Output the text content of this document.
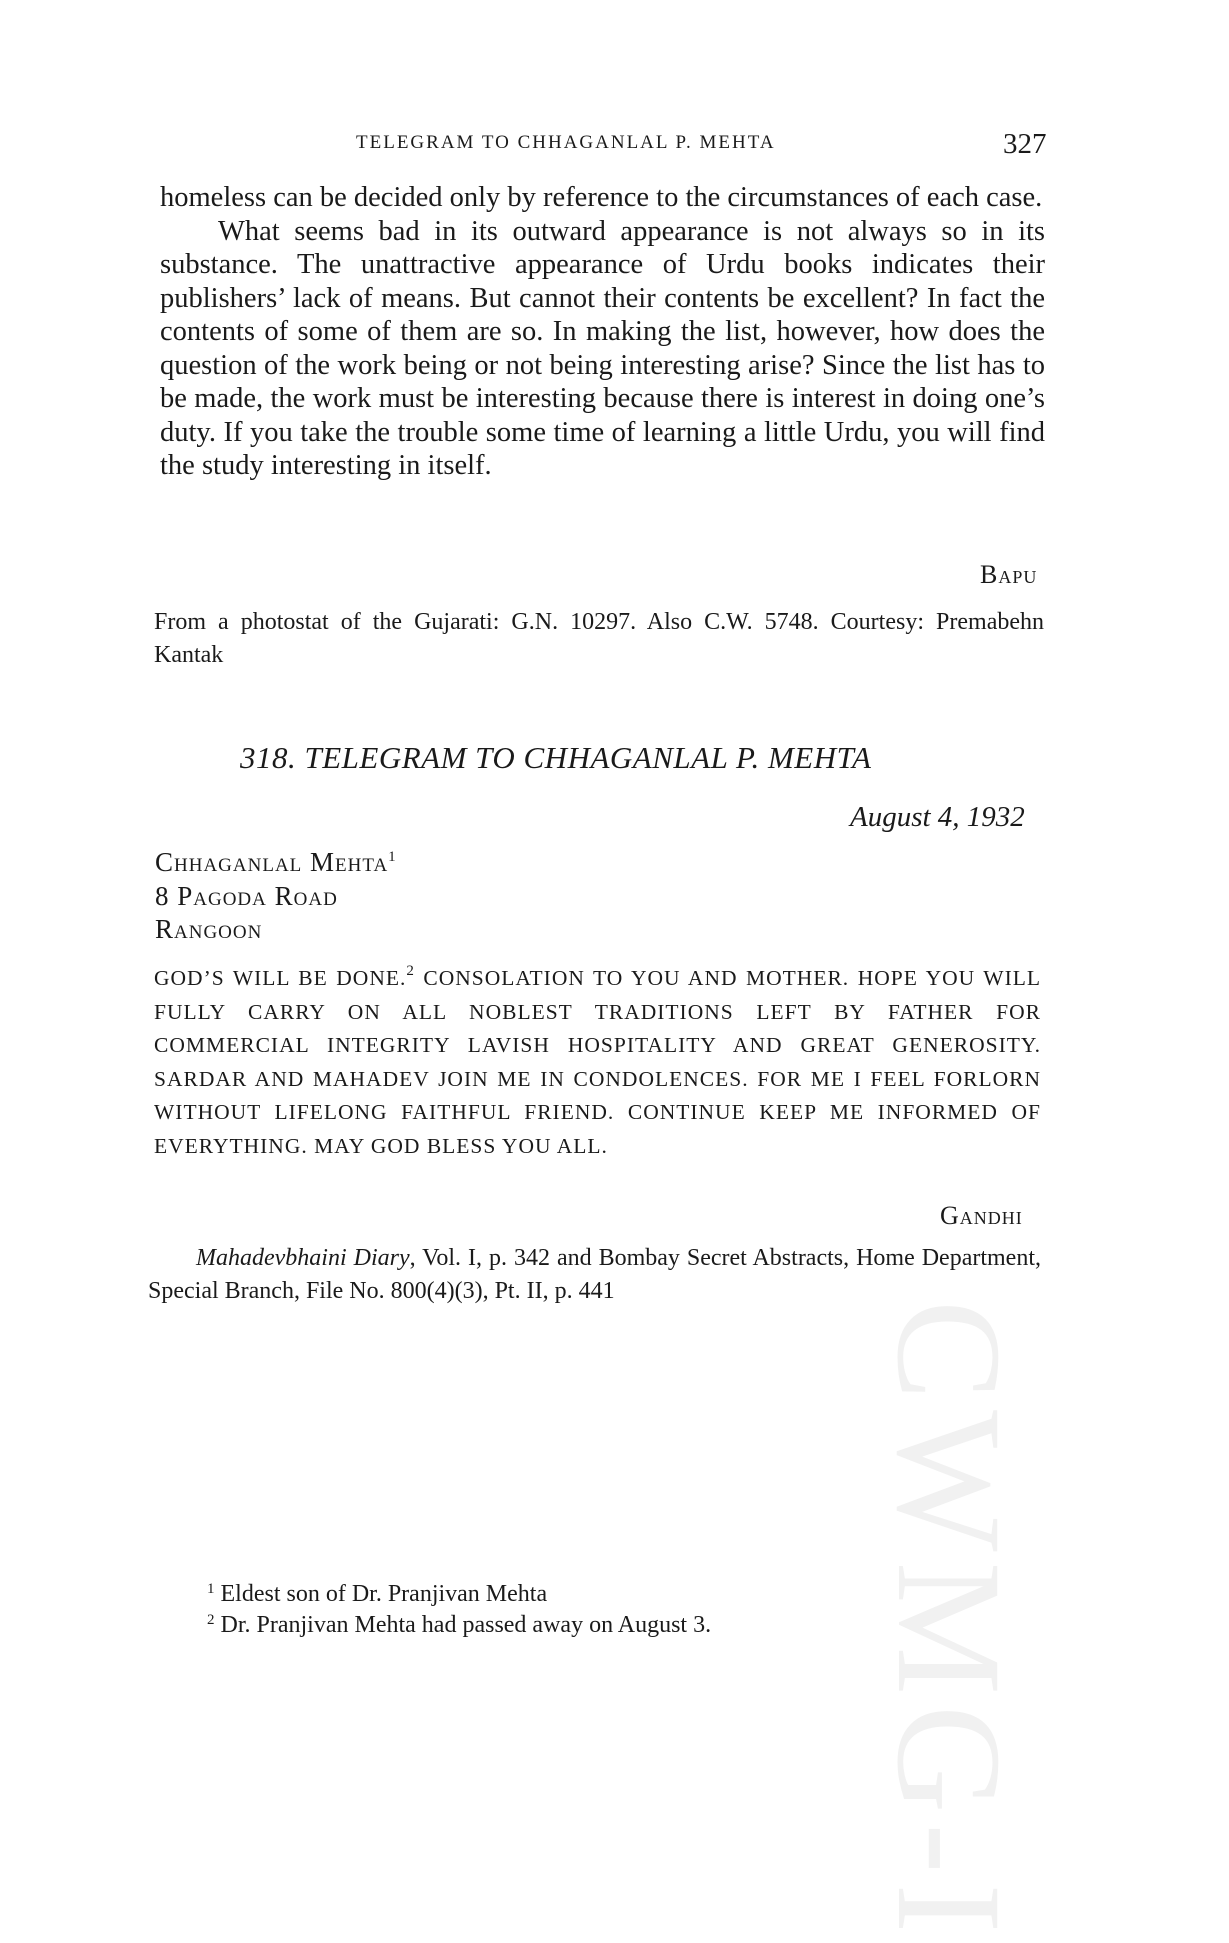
TELEGRAM TO CHHAGANLAL P. MEHTA	327

homeless can be decided only by reference to the circumstances of each case.

What seems bad in its outward appearance is not always so in its substance. The unattractive appearance of Urdu books indicates their publishers’ lack of means. But cannot their contents be excellent? In fact the contents of some of them are so. In making the list, however, how does the question of the work being or not being interesting arise? Since the list has to be made, the work must be interesting because there is interest in doing one’s duty. If you take the trouble some time of learning a little Urdu, you will find the study interesting in itself.

Bapu
From a photostat of the Gujarati: G.N. 10297. Also C.W. 5748. Courtesy: Premabehn Kantak
318. TELEGRAM TO CHHAGANLAL P. MEHTA
August 4, 1932
Chhaganlal Mehta$^1$
8 Pagoda Road
Rangoon
GOD’S WILL BE DONE.$^2$ CONSOLATION TO YOU AND MOTHER. HOPE YOU WILL FULLY CARRY ON ALL NOBLEST TRADITIONS LEFT BY FATHER FOR COMMERCIAL INTEGRITY LAVISH HOSPITALITY AND GREAT GENEROSITY. SARDAR AND MAHADEV JOIN ME IN CONDOLENCES. FOR ME I FEEL FORLORN WITHOUT LIFELONG FAITHFUL FRIEND. CONTINUE KEEP ME INFORMED OF EVERYTHING. MAY GOD BLESS YOU ALL.
Gandhi
Mahadevbhaini Diary, Vol. I, p. 342 and Bombay Secret Abstracts, Home Department, Special Branch, File No. 800(4)(3), Pt. II, p. 441
$^1$ Eldest son of Dr. Pranjivan Mehta
$^2$ Dr. Pranjivan Mehta had passed away on August 3. CWMG-I
